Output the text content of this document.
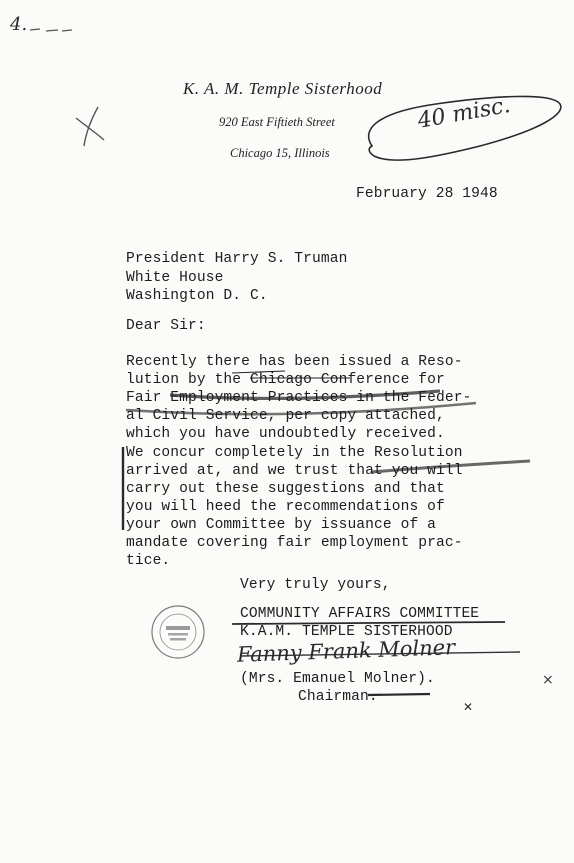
4.
K. A. M. Temple Sisterhood
920 East Fiftieth Street
Chicago 15, Illinois
40 misc.
February 28 1948
President Harry S. Truman
White House
Washington D. C.
Dear Sir:
Recently there has been issued a Reso-
lution by the Chicago Conference for
Fair Employment Practices in the Feder-
al Civil Service, per copy attached,
which you have undoubtedly received.
We concur completely in the Resolution
arrived at, and we trust that you will
carry out these suggestions and that
you will heed the recommendations of
your own Committee by issuance of a
mandate covering fair employment prac-
tice.
Very truly yours,
COMMUNITY AFFAIRS COMMITTEE
K.A.M. TEMPLE SISTERHOOD
Fanny Frank Molner
(Mrs. Emanuel Molner).
Chairman.
×
✕
